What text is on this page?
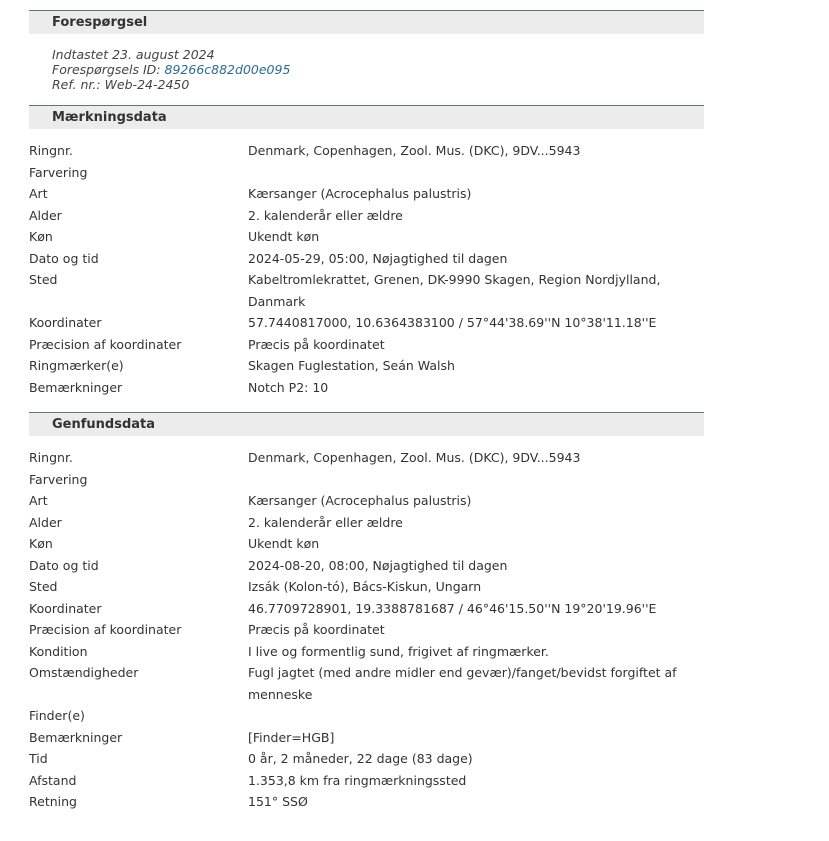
Forespørgsel
Indtastet 23. august 2024
Forespørgsels ID: 89266c882d00e095
Ref. nr.: Web-24-2450
Mærkningsdata
Ringnr.	Denmark, Copenhagen, Zool. Mus. (DKC), 9DV...5943
Farvering
Art	Kærsanger (Acrocephalus palustris)
Alder	2. kalenderår eller ældre
Køn	Ukendt køn
Dato og tid	2024-05-29, 05:00, Nøjagtighed til dagen
Sted	Kabeltromlekrattet, Grenen, DK-9990 Skagen, Region Nordjylland, Danmark
Koordinater	57.7440817000, 10.6364383100 / 57°44'38.69''N 10°38'11.18''E
Præcision af koordinater	Præcis på koordinatet
Ringmærker(e)	Skagen Fuglestation, Seán Walsh
Bemærkninger	Notch P2: 10
Genfundsdata
Ringnr.	Denmark, Copenhagen, Zool. Mus. (DKC), 9DV...5943
Farvering
Art	Kærsanger (Acrocephalus palustris)
Alder	2. kalenderår eller ældre
Køn	Ukendt køn
Dato og tid	2024-08-20, 08:00, Nøjagtighed til dagen
Sted	Izsák (Kolon-tó), Bács-Kiskun, Ungarn
Koordinater	46.7709728901, 19.3388781687 / 46°46'15.50''N 19°20'19.96''E
Præcision af koordinater	Præcis på koordinatet
Kondition	I live og formentlig sund, frigivet af ringmærker.
Omstændigheder	Fugl jagtet (med andre midler end gevær)/fanget/bevidst forgiftet af menneske
Finder(e)
Bemærkninger	[Finder=HGB]
Tid	0 år, 2 måneder, 22 dage (83 dage)
Afstand	1.353,8 km fra ringmærkningssted
Retning	151° SSØ
